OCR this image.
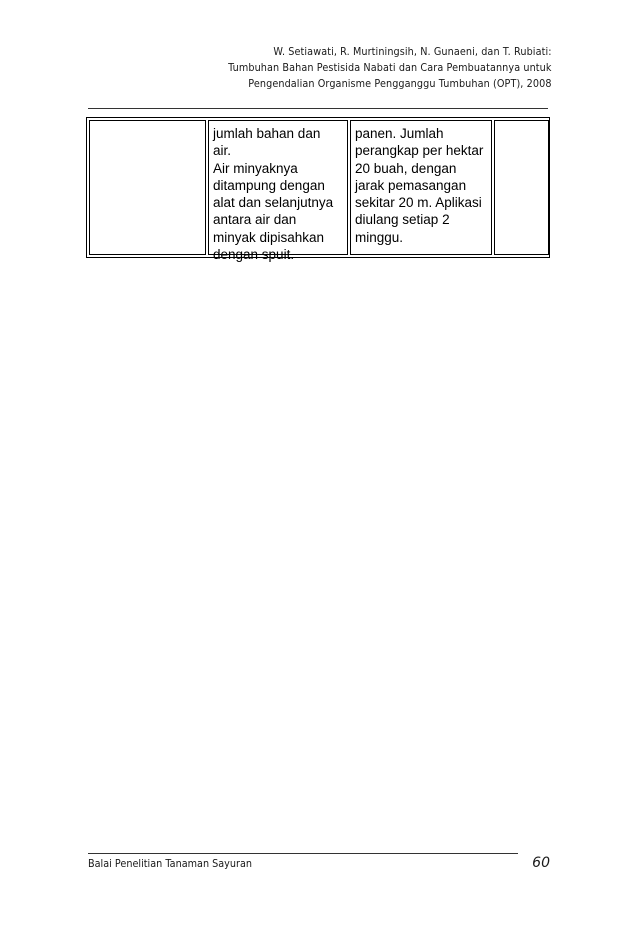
W. Setiawati, R. Murtiningsih, N. Gunaeni, dan T. Rubiati:
Tumbuhan Bahan Pestisida Nabati dan Cara Pembuatannya untuk
Pengendalian Organisme Pengganggu Tumbuhan (OPT), 2008
jumlah bahan dan
air.
Air minyaknya
ditampung dengan
alat dan selanjutnya
antara air dan
minyak dipisahkan
dengan spuit.
panen. Jumlah
perangkap per hektar
20 buah, dengan
jarak pemasangan
sekitar 20 m. Aplikasi
diulang setiap 2
minggu.
Balai Penelitian Tanaman Sayuran	60
